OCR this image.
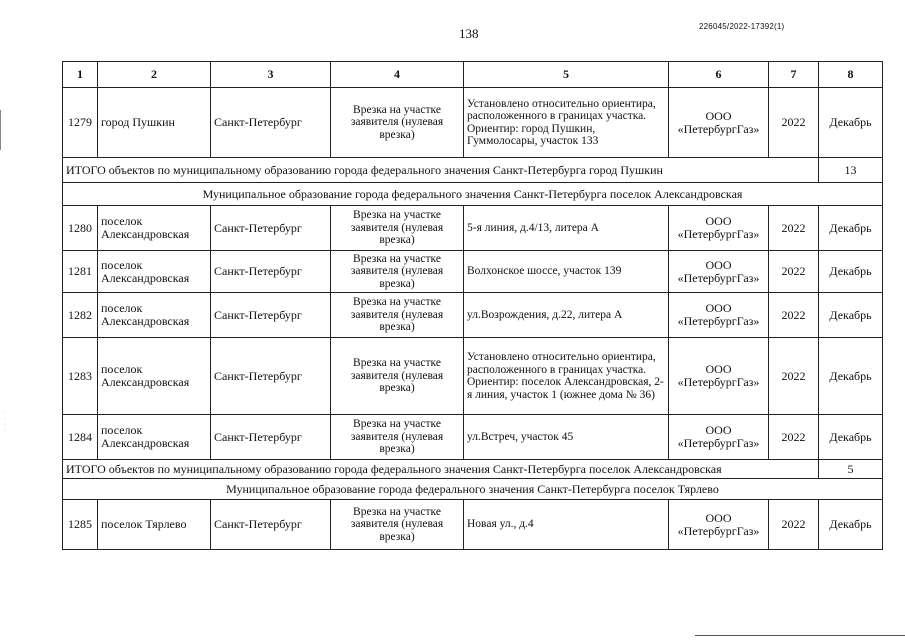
138	226045/2022-17392(1)
·
·
·
·
1	2	3	4	5	6	7	8
1279	город Пушкин	Санкт-Петербург	Врезка на участке заявителя (нулевая врезка)	Установлено относительно ориентира, расположенного в границах участка. Ориентир: город Пушкин, Гуммолосары, участок 133	ООО «ПетербургГаз»	2022	Декабрь
ИТОГО объектов по муниципальному образованию города федерального значения Санкт-Петербурга город Пушкин							13
Муниципальное образование города федерального значения Санкт-Петербурга поселок Александровская							
1280	поселок Александровская	Санкт-Петербург	Врезка на участке заявителя (нулевая врезка)	5-я линия, д.4/13, литера А	ООО «ПетербургГаз»	2022	Декабрь
1281	поселок Александровская	Санкт-Петербург	Врезка на участке заявителя (нулевая врезка)	Волхонское шоссе, участок 139	ООО «ПетербургГаз»	2022	Декабрь
1282	поселок Александровская	Санкт-Петербург	Врезка на участке заявителя (нулевая врезка)	ул.Возрождения, д.22, литера А	ООО «ПетербургГаз»	2022	Декабрь
1283	поселок Александровская	Санкт-Петербург	Врезка на участке заявителя (нулевая врезка)	Установлено относительно ориентира, расположенного в границах участка. Ориентир: поселок Александровская, 2-я линия, участок 1 (южнее дома № 36)	ООО «ПетербургГаз»	2022	Декабрь
1284	поселок Александровская	Санкт-Петербург	Врезка на участке заявителя (нулевая врезка)	ул.Встреч, участок 45	ООО «ПетербургГаз»	2022	Декабрь
ИТОГО объектов по муниципальному образованию города федерального значения Санкт-Петербурга поселок Александровская							5
Муниципальное образование города федерального значения Санкт-Петербурга поселок Тярлево							
1285	поселок Тярлево	Санкт-Петербург	Врезка на участке заявителя (нулевая врезка)	Новая ул., д.4	ООО «ПетербургГаз»	2022	Декабрь
